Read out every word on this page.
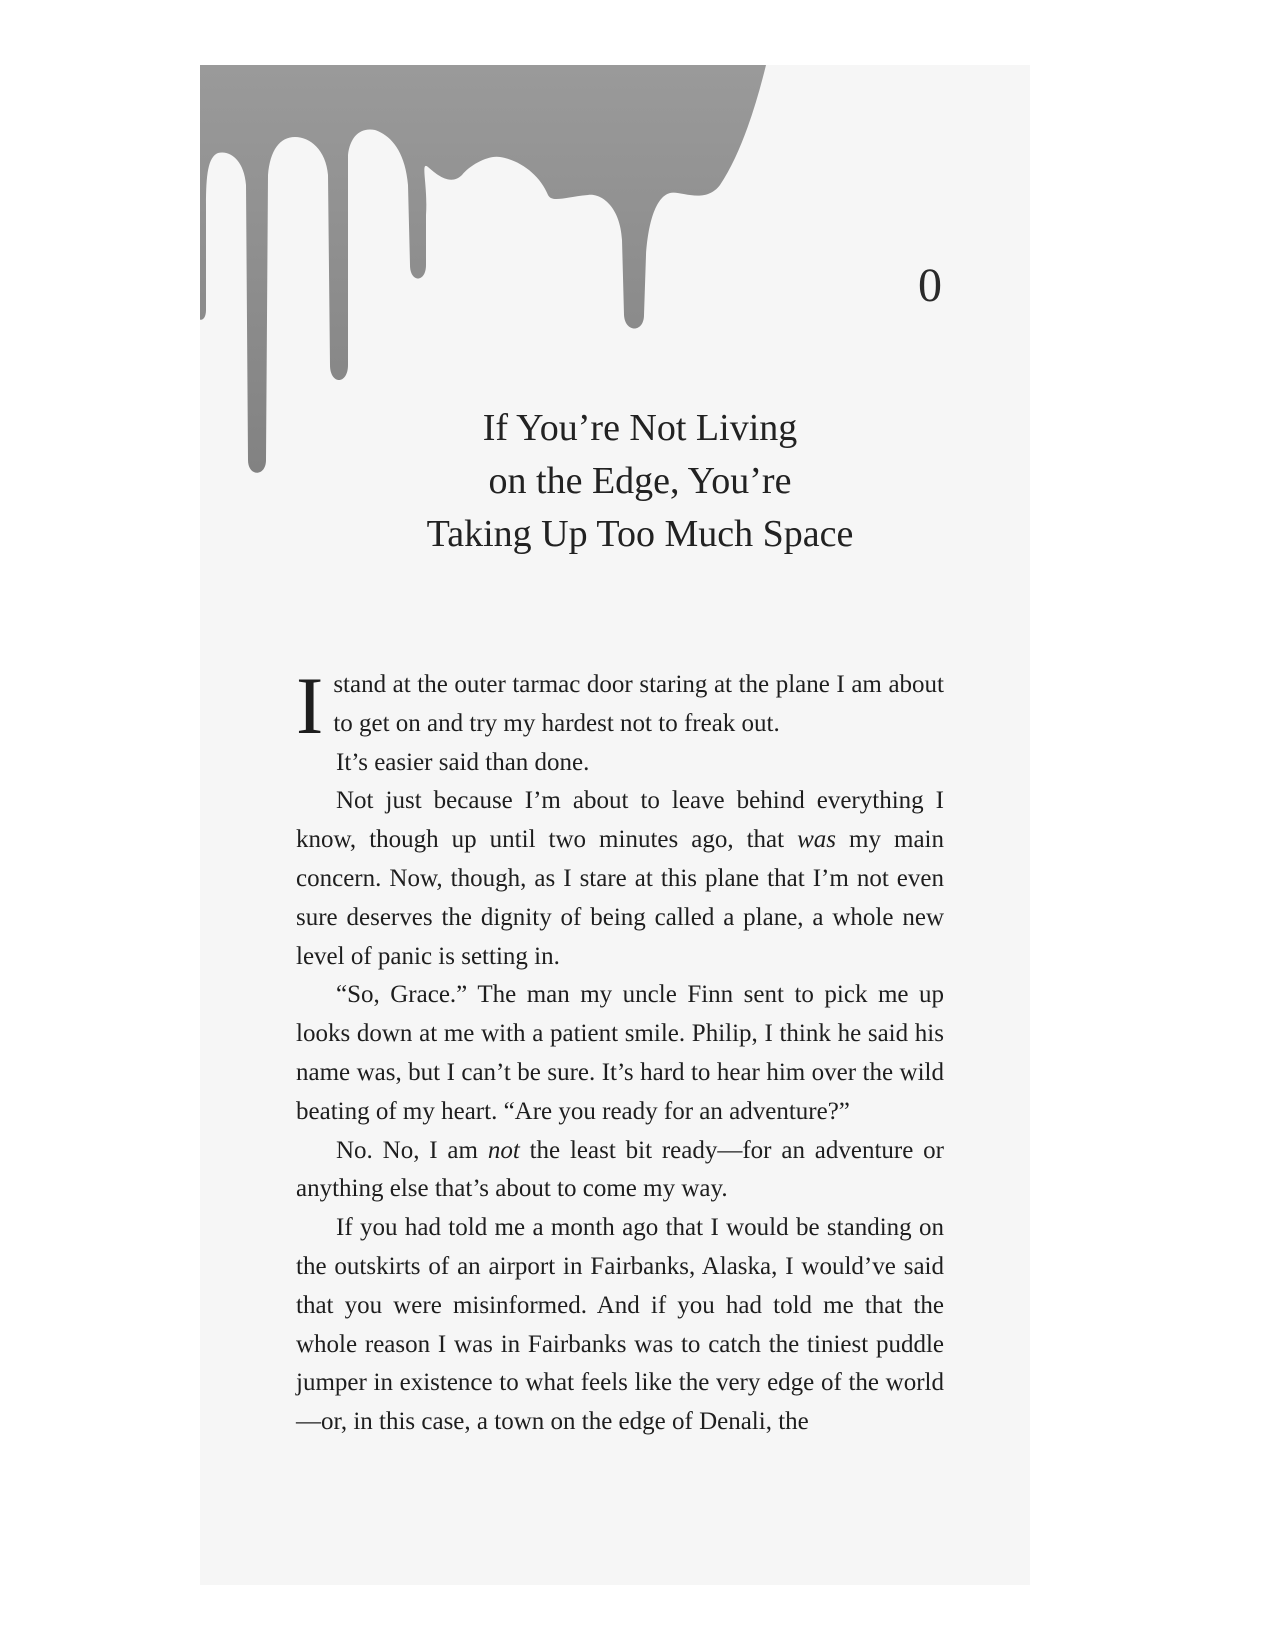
0
If You’re Not Living
on the Edge, You’re
Taking Up Too Much Space

Istand at the outer tarmac door staring at the plane I am about to get on and try my hardest not to freak out.

It’s easier said than done.

Not just because I’m about to leave behind everything I know, though up until two minutes ago, that was my main concern. Now, though, as I stare at this plane that I’m not even sure deserves the dignity of being called a plane, a whole new level of panic is setting in.

“So, Grace.” The man my uncle Finn sent to pick me up looks down at me with a patient smile. Philip, I think he said his name was, but I can’t be sure. It’s hard to hear him over the wild beating of my heart. “Are you ready for an adventure?”

No. No, I am not the least bit ready—for an adventure or anything else that’s about to come my way.

If you had told me a month ago that I would be standing on the outskirts of an airport in Fairbanks, Alaska, I would’ve said that you were misinformed. And if you had told me that the whole reason I was in Fairbanks was to catch the tiniest puddle jumper in existence to what feels like the very edge of the world—or, in this case, a town on the edge of Denali, the
